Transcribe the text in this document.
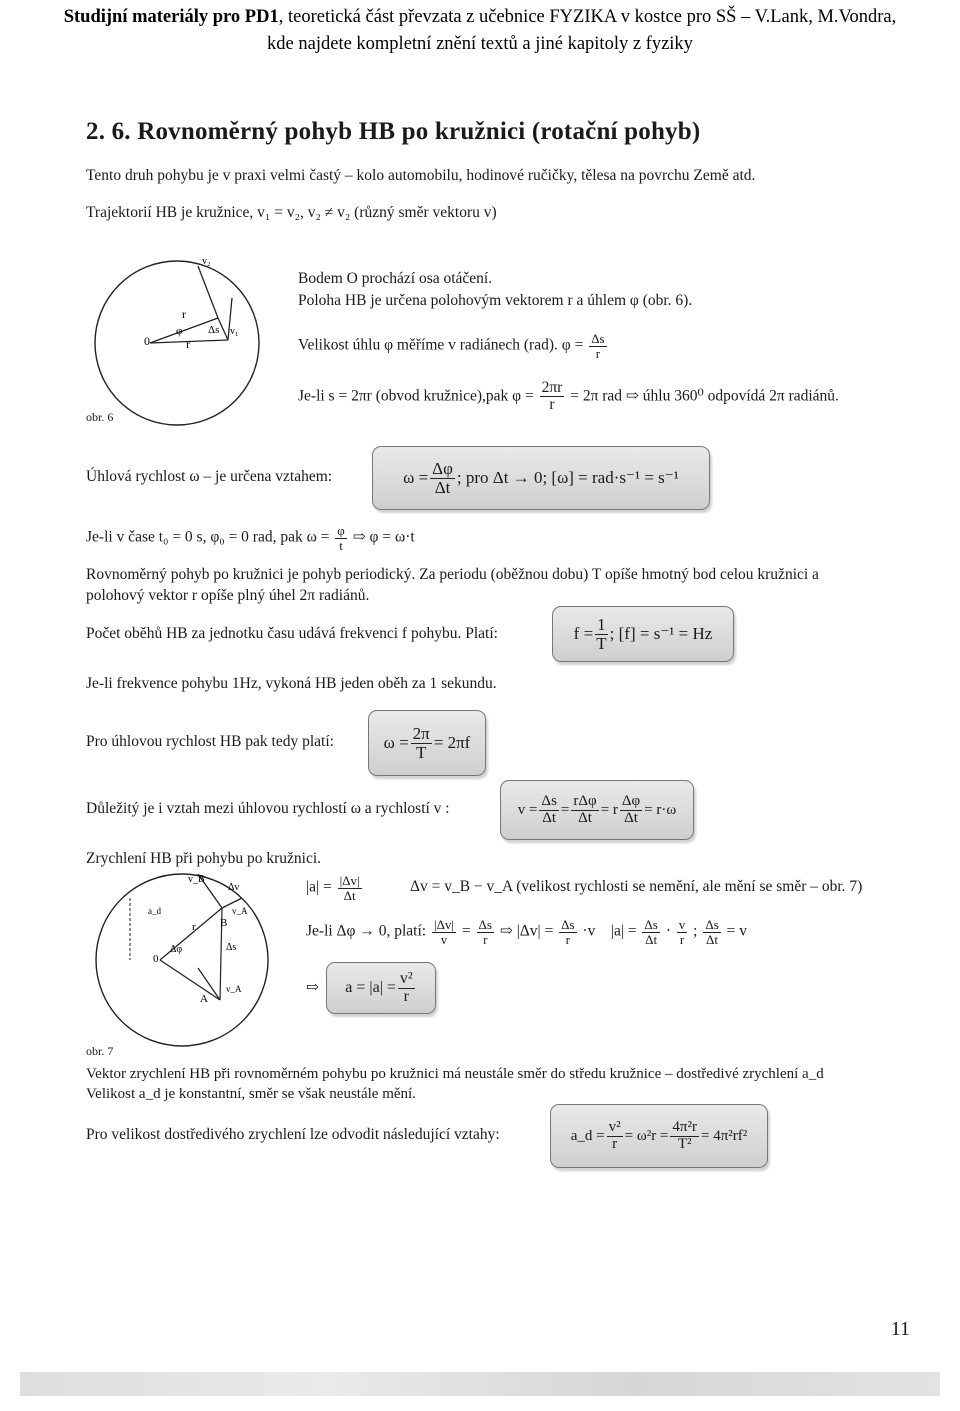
Studijní materiály pro PD1, teoretická část převzata z učebnice FYZIKA v kostce pro SŠ – V.Lank, M.Vondra,
kde najdete kompletní znění textů a jiné kapitoly z fyziky
2. 6. Rovnoměrný pohyb HB po kružnici (rotační pohyb)
Tento druh pohybu je v praxi velmi častý – kolo automobilu, hodinové ručičky, tělesa na povrchu Země atd.
Trajektorií HB je kružnice, v₁ = v₂, v₂ ≠ v₂ (různý směr vektoru v)
0
r
r
φ Δs v₁
v₂
obr. 6
Bodem O prochází osa otáčení.
Poloha HB je určena polohovým vektorem r a úhlem φ (obr. 6).
Velikost úhlu φ měříme v radiánech (rad). $\varphi = \frac{\Delta s}{r}$
Je-li s = 2πr (obvod kružnice),pak $\varphi = \frac{2\pi r}{r} = 2\pi$ rad ⇨ úhlu 360⁰ odpovídá 2π radiánů.
Úhlová rychlost ω – je určena vztahem:	$\omega = \frac{\Delta\varphi}{\Delta t}$ ; pro Δt → 0; [ω] = rad·s⁻¹ = s⁻¹
Je-li v čase t₀ = 0 s, φ₀ = 0 rad, pak $\omega = \frac{\varphi}{t}$ ⇨ φ = ω·t
Rovnoměrný pohyb po kružnici je pohyb periodický. Za periodu (oběžnou dobu) T opíše hmotný bod celou kružnici a
polohový vektor r opíše plný úhel 2π radiánů.
Počet oběhů HB za jednotku času udává frekvenci f pohybu. Platí:	$f = \frac{1}{T}$ ; [f] = s⁻¹ = Hz
Je-li frekvence pohybu 1Hz, vykoná HB jeden oběh za 1 sekundu.
Pro úhlovou rychlost HB pak tedy platí:	$\omega = \frac{2\pi}{T} = 2\pi f$
Důležitý je i vztah mezi úhlovou rychlostí ω a rychlostí v :	$v = \frac{\Delta s}{\Delta t} = \frac{\text{rΔφ}}{\Delta t} = r \frac{\Delta\varphi}{\Delta t} = r\cdot\omega$
Zrychlení HB při pohybu po kružnici.
0
v_B
Δv
a_d	v_A
B
r
Δs
Δφ
A
v_A
obr. 7
$|a| = \frac{|\Delta v|}{\Delta t}$	Δv = v_B − v_A (velikost rychlosti se nemění, ale mění se směr – obr. 7)
Je-li Δφ → 0, platí: $\frac{|\Delta v|}{v} = \frac{\Delta s}{r}$ ⇨ $|\Delta v| = \frac{\Delta s}{r} \cdot v$ $|a| = \frac{\Delta s}{\Delta t} \cdot \frac{v}{r}$ ; $\frac{\Delta s}{\Delta t} = v$
⇨ $a = |a| = \frac{\text{v²}}{r}$
Vektor zrychlení HB při rovnoměrném pohybu po kružnici má neustále směr do středu kružnice – dostředivé zrychlení a_d
Velikost a_d je konstantní, směr se však neustále mění.
Pro velikost dostředivého zrychlení lze odvodit následující vztahy:	a_d = $\frac{\text{v²}}{r} = \omega^2r = \frac{\text{4π²r}}{\text{T²}} = 4\pi^2rf^2$
11
